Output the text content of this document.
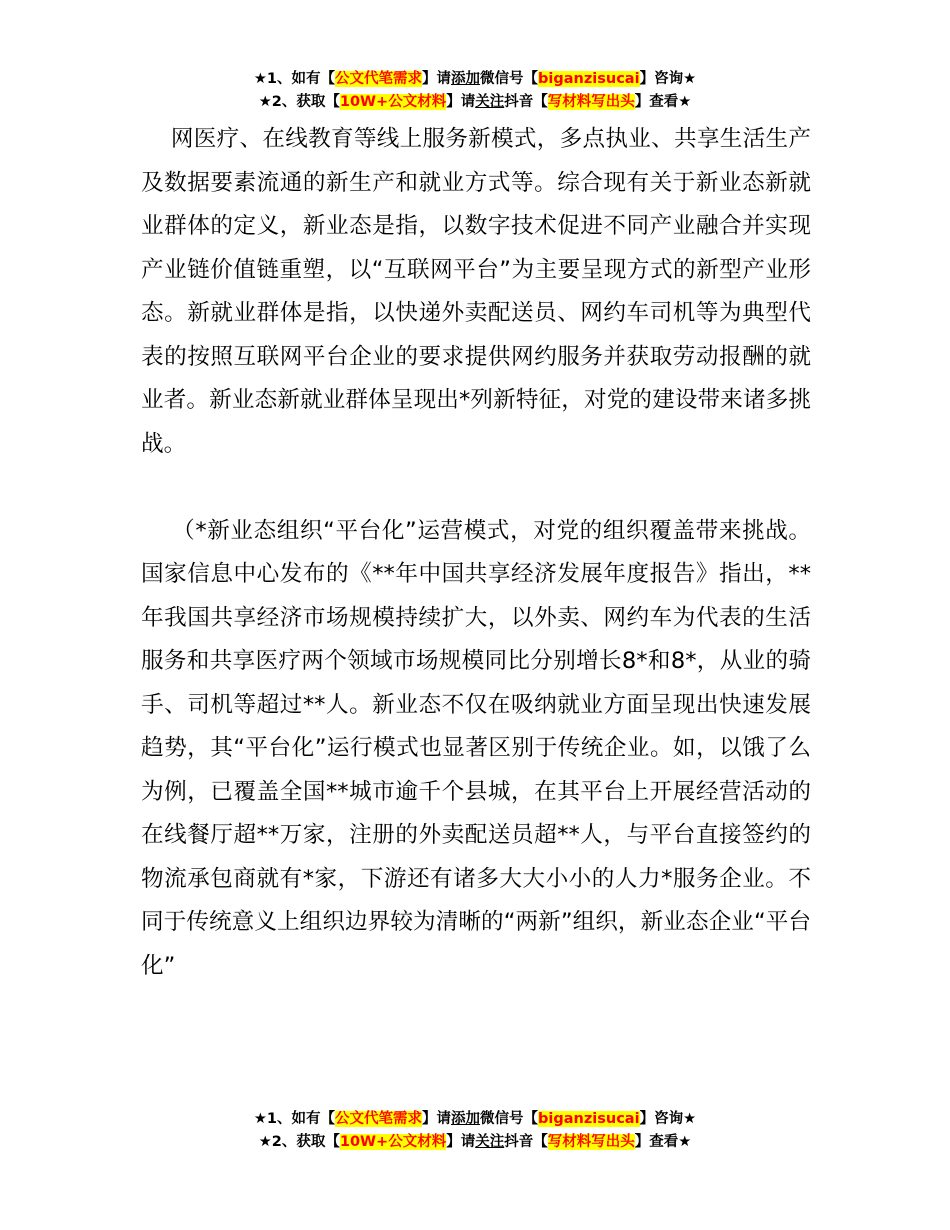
★1、如有【公文代笔需求】请添加微信号【biganzisucai】咨询★
★2、获取【10W+公文材料】请关注抖音【写材料写出头】查看★

网医疗、在线教育等线上服务新模式，多点执业、共享生活生产及数据要素流通的新生产和就业方式等。综合现有关于新业态新就业群体的定义，新业态是指，以数字技术促进不同产业融合并实现产业链价值链重塑，以“互联网平台”为主要呈现方式的新型产业形态。新就业群体是指，以快递外卖配送员、网约车司机等为典型代表的按照互联网平台企业的要求提供网约服务并获取劳动报酬的就业者。新业态新就业群体呈现出*列新特征，对党的建设带来诸多挑战。

（*新业态组织“平台化”运营模式，对党的组织覆盖带来挑战。国家信息中心发布的《**年中国共享经济发展年度报告》指出，**年我国共享经济市场规模持续扩大，以外卖、网约车为代表的生活服务和共享医疗两个领域市场规模同比分别增长8*和8*，从业的骑手、司机等超过**人。新业态不仅在吸纳就业方面呈现出快速发展趋势，其“平台化”运行模式也显著区别于传统企业。如，以饿了么为例，已覆盖全国**城市逾千个县城，在其平台上开展经营活动的在线餐厅超**万家，注册的外卖配送员超**人，与平台直接签约的物流承包商就有*家，下游还有诸多大大小小的人力*服务企业。不同于传统意义上组织边界较为清晰的“两新”组织，新业态企业“平台化”

★1、如有【公文代笔需求】请添加微信号【biganzisucai】咨询★
★2、获取【10W+公文材料】请关注抖音【写材料写出头】查看★
